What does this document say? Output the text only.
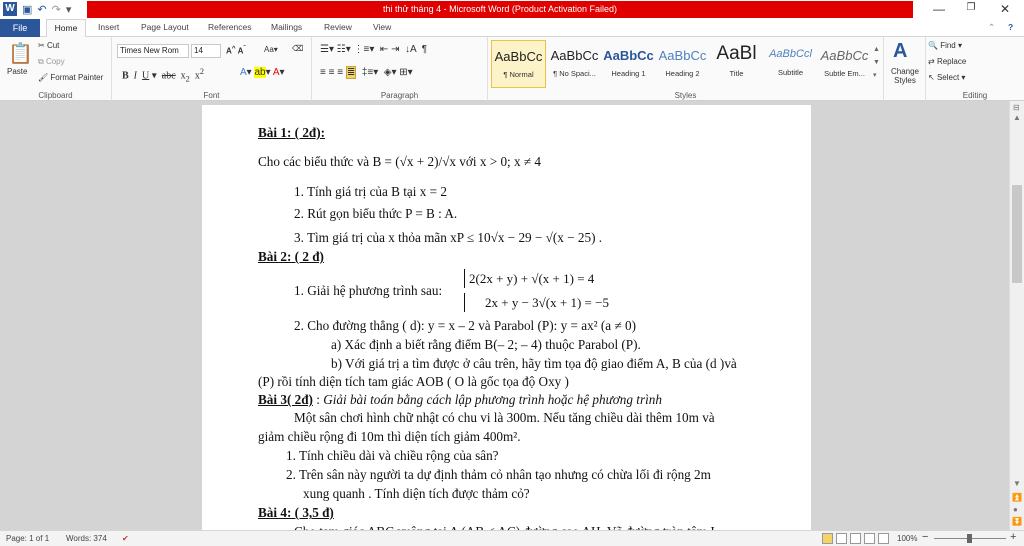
W ▣ ↶ ↷ ▾	thi thử tháng 4 - Microsoft Word (Product Activation Failed)	—	❐	✕
File	Home	Insert	Page Layout References Mailings	Review View	⌃ ?
📋
Paste
✂ Cut
⧉ Copy
🖌 Format Painter
Clipboard
Times New Rom	14	A^ $A^ˇ$ Aa▾ ⌫
B I U ▾  abc  $x_2$  $x^2$	A▾ ab▾ A▾
Font
☰▾ ☷▾ ⋮≡▾  ⇤ ⇥  ↓A  ¶
≡ ≡ ≡ ≣  ‡≡▾  ◈▾ ⊞▾
Paragraph
AaBbCc
¶ Normal
AaBbCc
¶ No Spaci...
AaBbCc
Heading 1
AaBbCc
Heading 2
AaBl
Title
AaBbCcl
Subtitle
AaBbCc
Subtle Em...
▲
▼
▾
Styles
A
Change Styles
🔍 Find ▾
⇄ Replace
↖ Select ▾
Editing

Bài 1: ( 2đ):

Cho các biểu thức và B = (√x + 2)/√x với x > 0; x ≠ 4

1. Tính giá trị của B tại x = 2

2. Rút gọn biểu thức P = B : A.

3. Tìm giá trị của x thỏa mãn xP ≤ 10√x − 29 − √(x − 25) .

Bài 2: ( 2 đ)

2(2x + y) + √(x + 1) = 4

1. Giải hệ phương trình sau:

2x + y − 3√(x + 1) = −5

2. Cho đường thẳng ( d): y = x – 2 và Parabol (P): y = ax² (a ≠ 0)

a) Xác định a biết rằng điểm B(– 2; – 4) thuộc Parabol (P).

b) Với giá trị a tìm được ở câu trên, hãy tìm tọa độ giao điểm A, B của (d )và

(P) rồi tính diện tích tam giác AOB ( O là gốc tọa độ Oxy )

Bài 3( 2đ) : Giải bài toán bằng cách lập phương trình hoặc hệ phương trình

Một sân chơi hình chữ nhật có chu vi là 300m. Nếu tăng chiều dài thêm 10m và

giảm chiều rộng đi 10m thì diện tích giảm 400m².

1. Tính chiều dài và chiều rộng của sân?

2. Trên sân này người ta dự định thảm cỏ nhân tạo nhưng có chừa lối đi rộng 2m

xung quanh . Tính diện tích được thảm cỏ?

Bài 4: ( 3,5 đ)

⊟
▲
▼
⏫
●
⏬
Page: 1 of 1 Words: 374 ✔	100% −	+
